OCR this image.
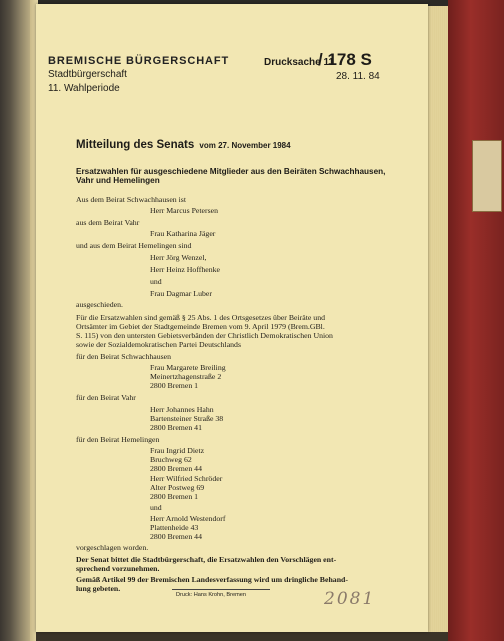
BREMISCHE BÜRGERSCHAFT
Stadtbürgerschaft
11. Wahlperiode
Drucksache 11
/ 178 S
28. 11. 84
Mitteilung des Senats vom 27. November 1984
Ersatzwahlen für ausgeschiedene Mitglieder aus den Beiräten Schwachhausen,
Vahr und Hemelingen
Aus dem Beirat Schwachhausen ist
Herr Marcus Petersen
aus dem Beirat Vahr
Frau Katharina Jäger
und aus dem Beirat Hemelingen sind
Herr Jörg Wenzel,
Herr Heinz Hoffhenke
und
Frau Dagmar Luber
ausgeschieden.
Für die Ersatzwahlen sind gemäß § 25 Abs. 1 des Ortsgesetzes über Beiräte und
Ortsämter im Gebiet der Stadtgemeinde Bremen vom 9. April 1979 (Brem.GBl.
S. 115) von den untersten Gebietsverbänden der Christlich Demokratischen Union
sowie der Sozialdemokratischen Partei Deutschlands
für den Beirat Schwachhausen
Frau Margarete Breiling
Meinertzhagenstraße 2
2800 Bremen 1
für den Beirat Vahr
Herr Johannes Hahn
Bartensteiner Straße 38
2800 Bremen 41
für den Beirat Hemelingen
Frau Ingrid Dietz
Bruchweg 62
2800 Bremen 44
Herr Wilfried Schröder
Alter Postweg 69
2800 Bremen 1
und
Herr Arnold Westendorf
Plattenheide 43
2800 Bremen 44
vorgeschlagen worden.
Der Senat bittet die Stadtbürgerschaft, die Ersatzwahlen den Vorschlägen ent-
sprechend vorzunehmen.
Gemäß Artikel 99 der Bremischen Landesverfassung wird um dringliche Behand-
lung gebeten.
Druck: Hans Krohn, Bremen	2081
